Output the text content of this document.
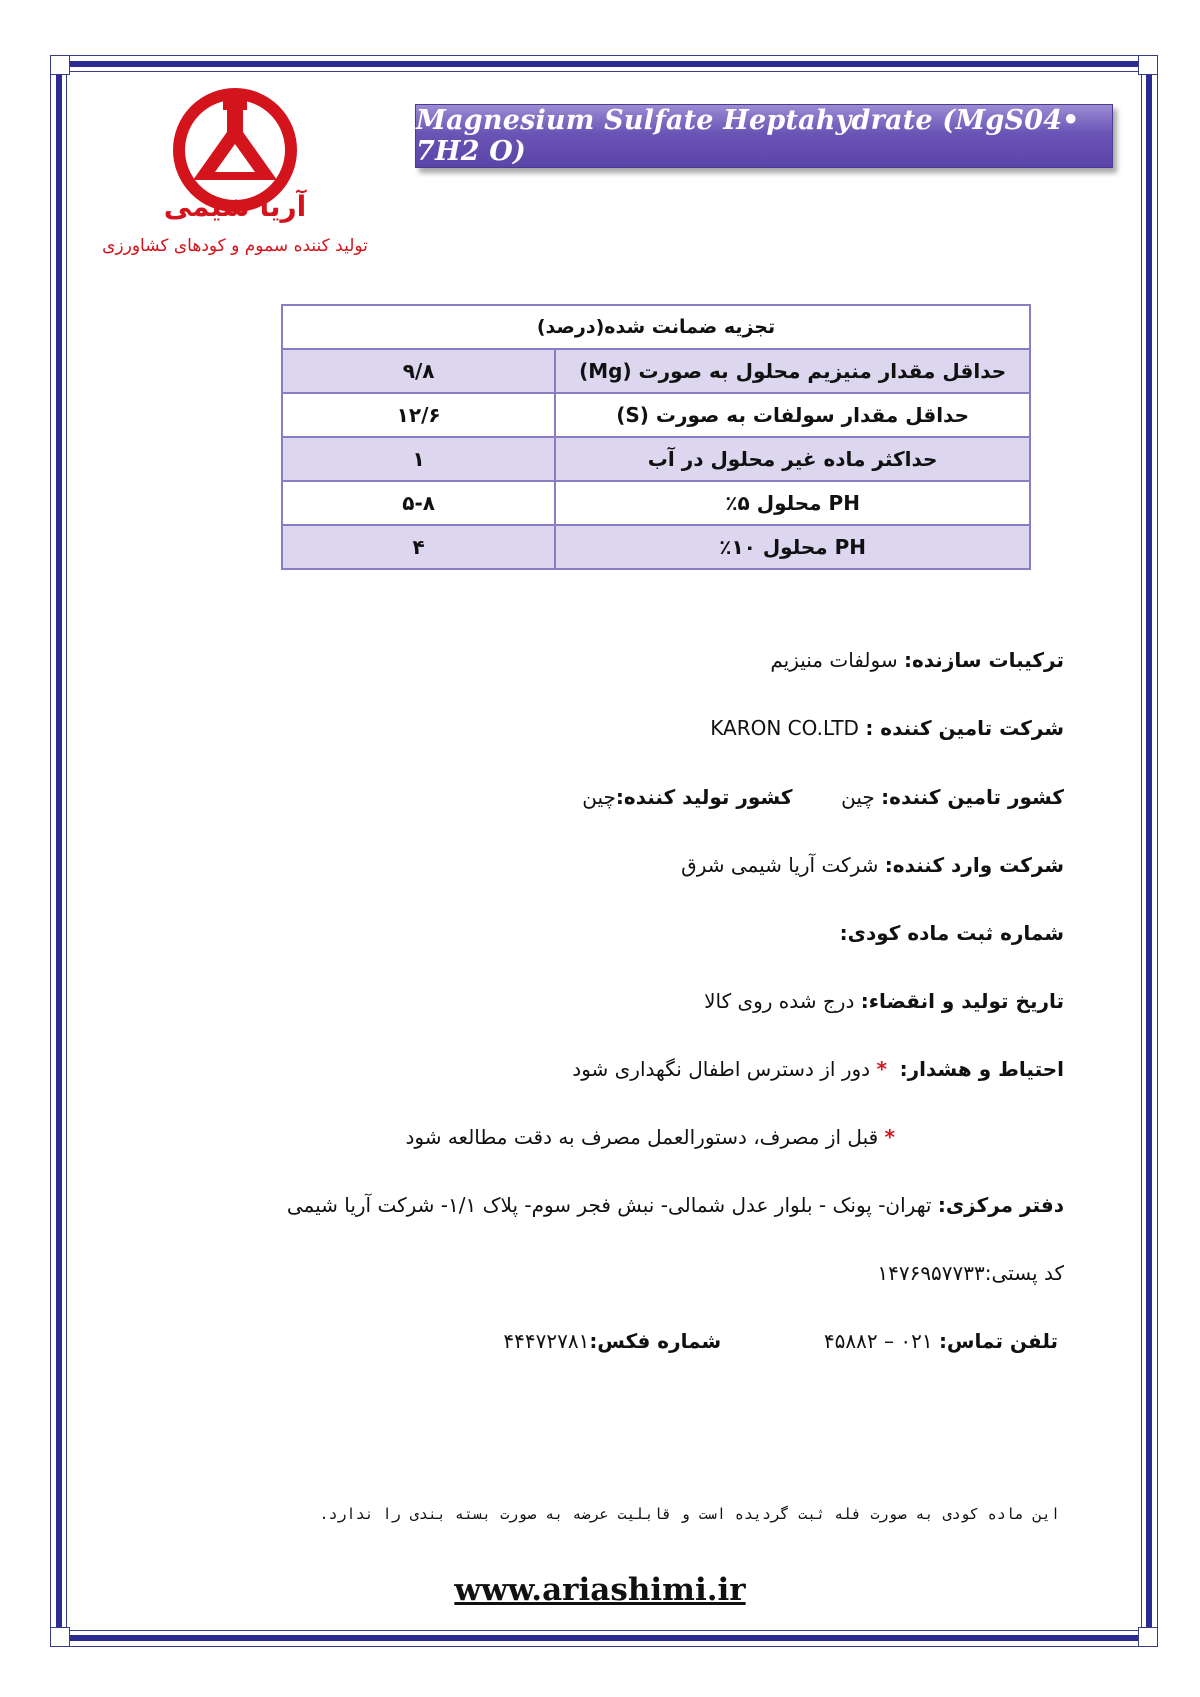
آریا شیمی
تولید کننده سموم و کودهای کشاورزی
Magnesium Sulfate Heptahydrate (MgS04• 7H2 O)
تجزیه ضمانت شده(درصد)	
حداقل مقدار منیزیم محلول به صورت (Mg)	۹/۸
حداقل مقدار سولفات به صورت (S)	۱۲/۶
حداکثر ماده غیر محلول در آب	۱
PH محلول ۵٪	۵-۸
PH محلول ۱۰٪	۴
ترکیبات سازنده: سولفات منیزیم
شرکت تامین کننده : KARON CO.LTD
کشور تامین کننده: چین  کشور تولید کننده:چین
شرکت وارد کننده: شرکت آریا شیمی شرق
شماره ثبت ماده کودی:
تاریخ تولید و انقضاء: درج شده روی کالا
احتیاط و هشدار:  * دور از دسترس اطفال نگهداری شود
* قبل از مصرف، دستورالعمل مصرف به دقت مطالعه شود
دفتر مرکزی: تهران- پونک - بلوار عدل شمالی- نبش فجر سوم- پلاک ۱/۱- شرکت آریا شیمی
کد پستی:۱۴۷۶۹۵۷۷۳۳
تلفن تماس: ۰۲۱ – ۴۵۸۸۲  شماره فکس:۴۴۴۷۲۷۸۱
این ماده کودی به صورت فله ثبت گردیده است و قابلیت عرضه به صورت بسته بندی را ندارد.
www.ariashimi.ir
